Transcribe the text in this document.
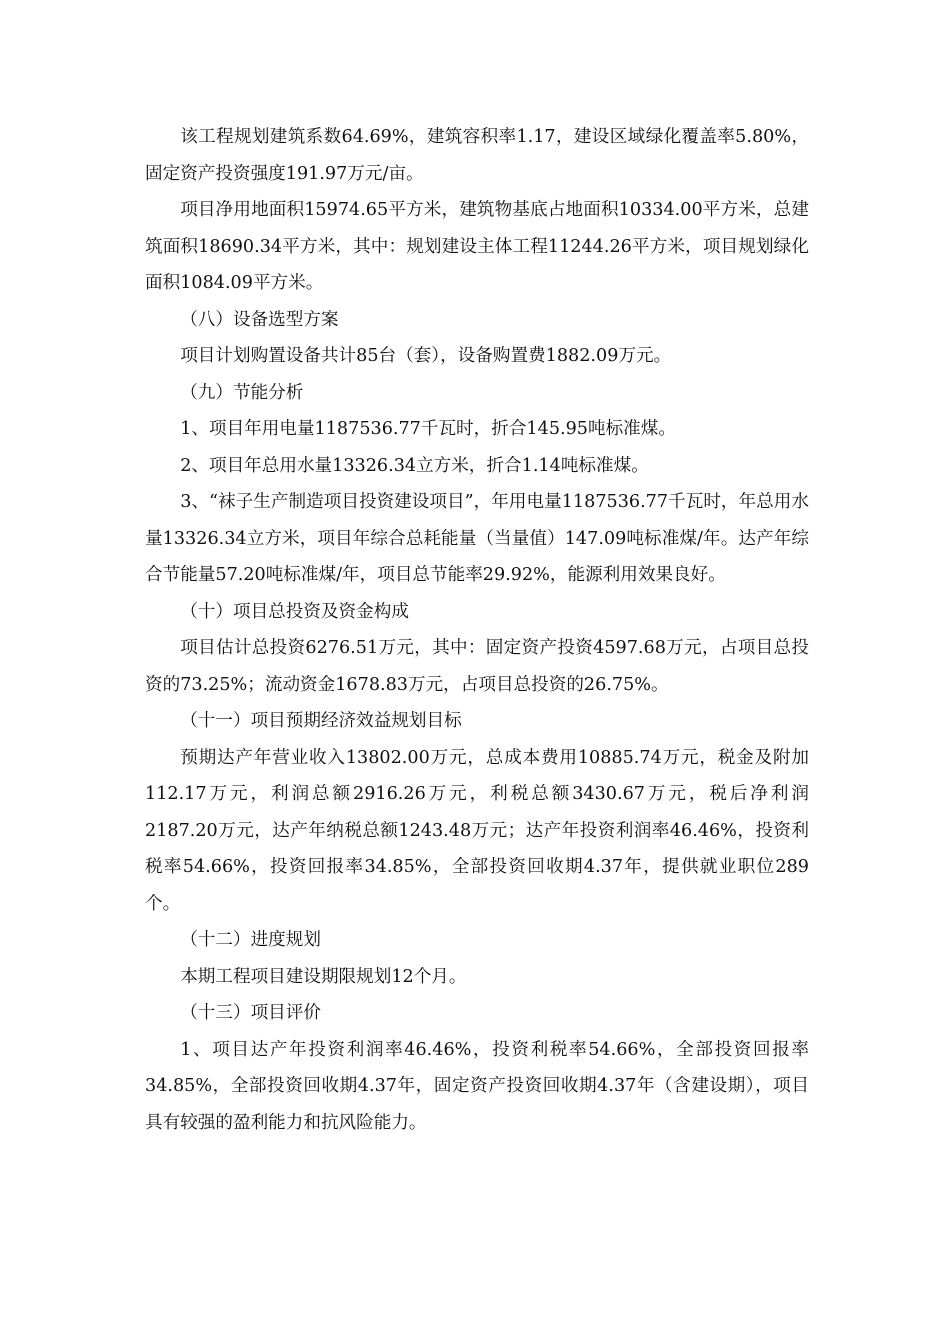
该工程规划建筑系数64.69%，建筑容积率1.17，建设区域绿化覆盖率5.80%，固定资产投资强度191.97万元/亩。

项目净用地面积15974.65平方米，建筑物基底占地面积10334.00平方米，总建筑面积18690.34平方米，其中：规划建设主体工程11244.26平方米，项目规划绿化面积1084.09平方米。

（八）设备选型方案

项目计划购置设备共计85台（套），设备购置费1882.09万元。

（九）节能分析

1、项目年用电量1187536.77千瓦时，折合145.95吨标准煤。

2、项目年总用水量13326.34立方米，折合1.14吨标准煤。

3、“袜子生产制造项目投资建设项目”，年用电量1187536.77千瓦时，年总用水量13326.34立方米，项目年综合总耗能量（当量值）147.09吨标准煤/年。达产年综合节能量57.20吨标准煤/年，项目总节能率29.92%，能源利用效果良好。

（十）项目总投资及资金构成

项目估计总投资6276.51万元，其中：固定资产投资4597.68万元，占项目总投资的73.25%；流动资金1678.83万元，占项目总投资的26.75%。

（十一）项目预期经济效益规划目标

预期达产年营业收入13802.00万元，总成本费用10885.74万元，税金及附加112.17万元，利润总额2916.26万元，利税总额3430.67万元，税后净利润2187.20万元，达产年纳税总额1243.48万元；达产年投资利润率46.46%，投资利税率54.66%，投资回报率34.85%，全部投资回收期4.37年，提供就业职位289个。

（十二）进度规划

本期工程项目建设期限规划12个月。

（十三）项目评价

1、项目达产年投资利润率46.46%，投资利税率54.66%，全部投资回报率34.85%，全部投资回收期4.37年，固定资产投资回收期4.37年（含建设期），项目具有较强的盈利能力和抗风险能力。
